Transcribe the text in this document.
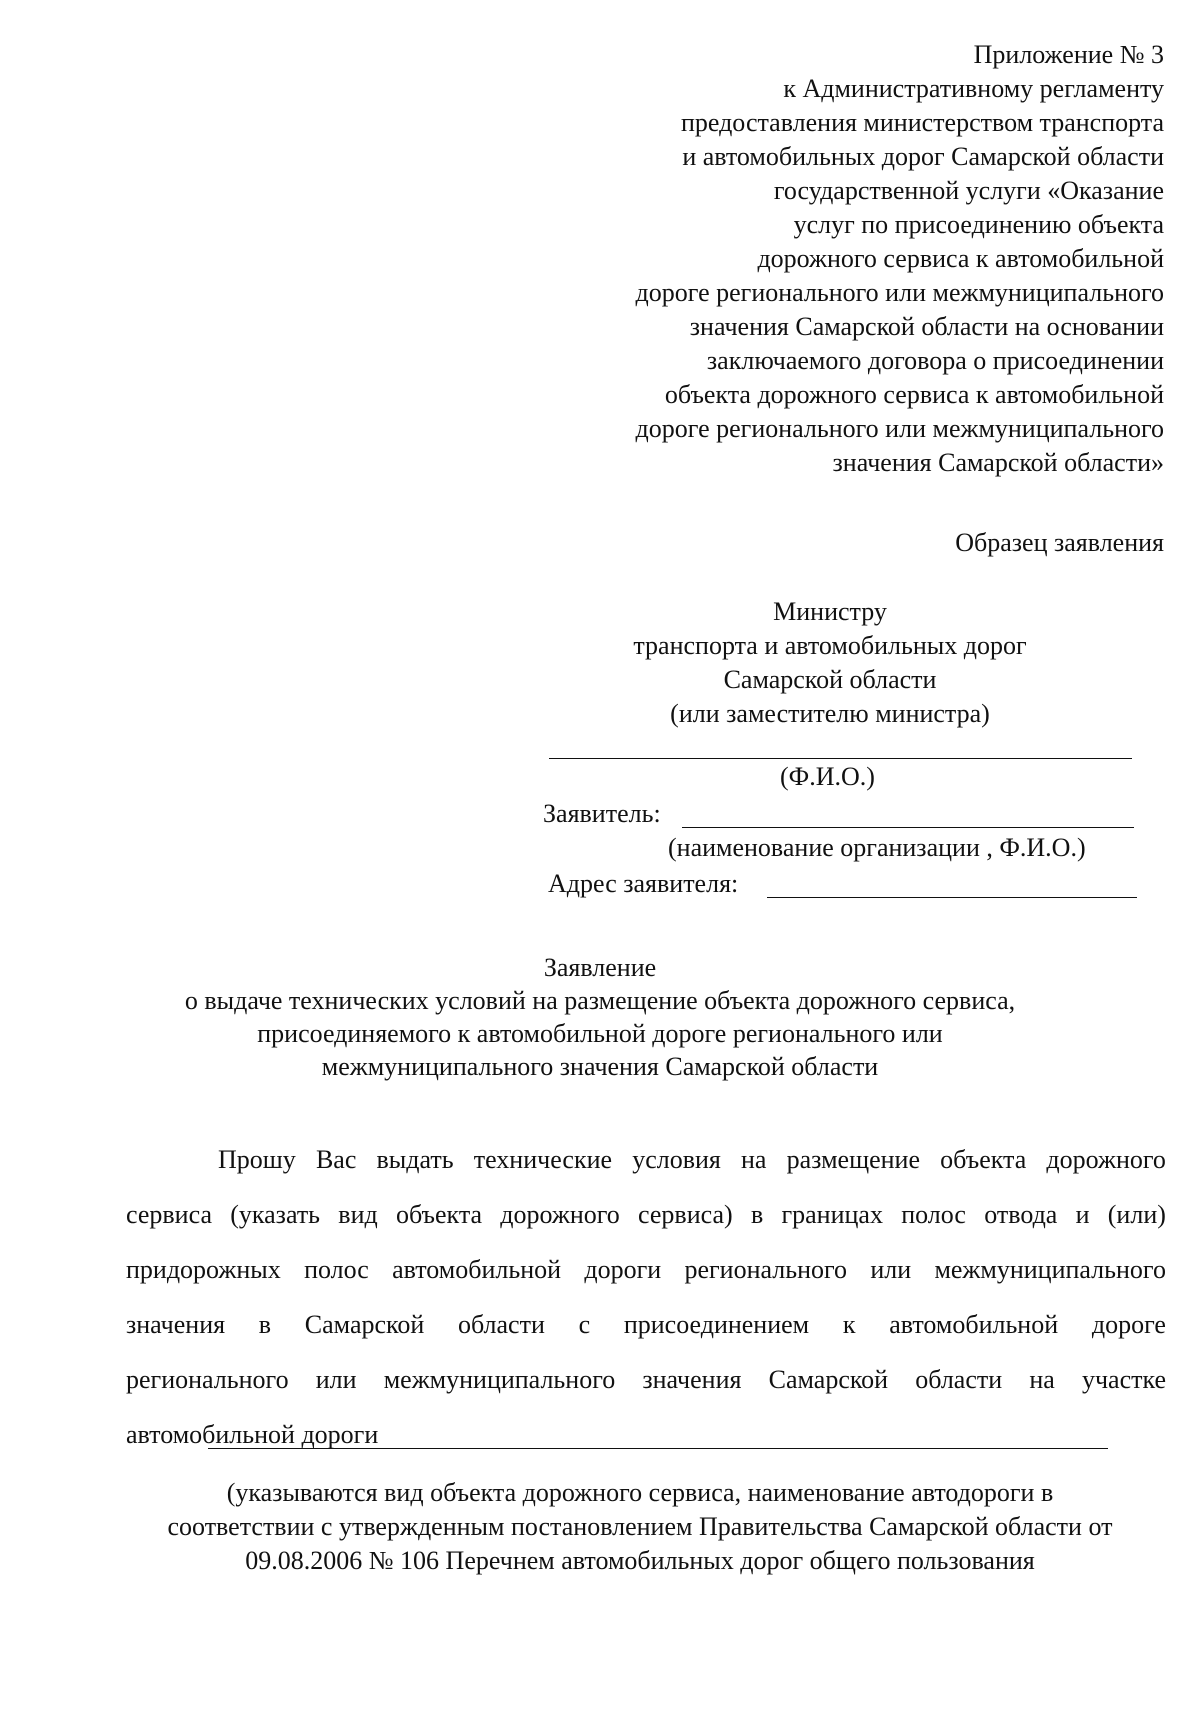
Приложение № 3
к Административному регламенту
предоставления министерством транспорта
и автомобильных дорог Самарской области
государственной услуги «Оказание
услуг по присоединению объекта
дорожного сервиса к автомобильной
дороге регионального или межмуниципального
значения Самарской области на основании
заключаемого договора о присоединении
объекта дорожного сервиса к автомобильной
дороге регионального или межмуниципального
значения Самарской области»
Образец заявления
Министру
транспорта и автомобильных дорог
Самарской области
(или заместителю министра)
(Ф.И.О.)
Заявитель:
(наименование организации , Ф.И.О.)
Адрес заявителя:
Заявление
о выдаче технических условий на размещение объекта дорожного сервиса,
присоединяемого к автомобильной дороге регионального или
межмуниципального значения Самарской области
Прошу Вас выдать технические условия на размещение объекта дорожного
сервиса (указать вид объекта дорожного сервиса) в границах полос отвода и (или)
придорожных полос автомобильной дороги регионального или межмуниципального
значения в Самарской области с присоединением к автомобильной дороге
регионального или межмуниципального значения Самарской области на участке
автомобильной дороги
(указываются вид объекта дорожного сервиса, наименование автодороги в
соответствии с утвержденным постановлением Правительства Самарской области от
09.08.2006 № 106 Перечнем автомобильных дорог общего пользования
